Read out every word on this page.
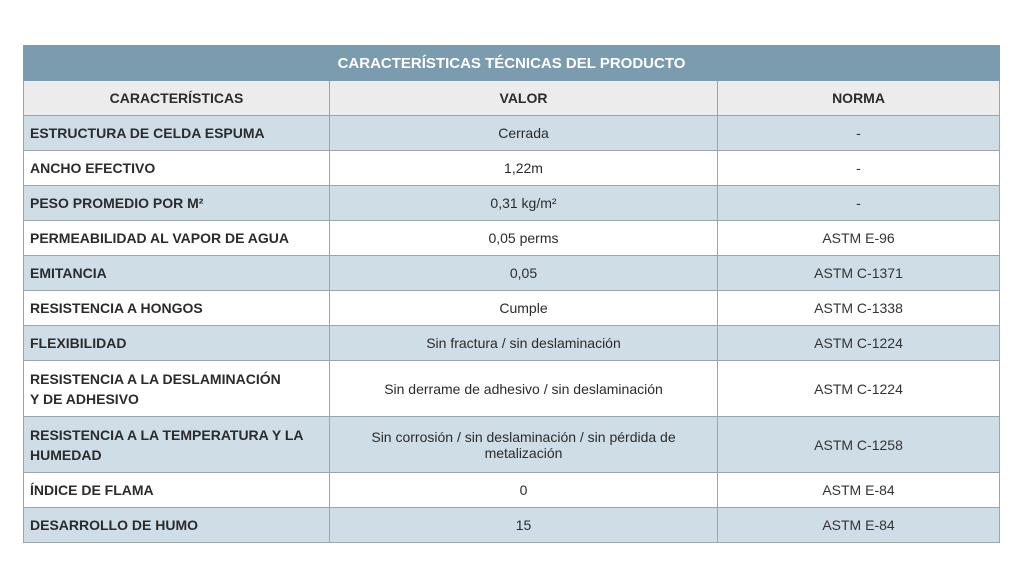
CARACTERÍSTICAS TÉCNICAS DEL PRODUCTO		
CARACTERÍSTICAS	VALOR	NORMA
ESTRUCTURA DE CELDA ESPUMA	Cerrada	-
ANCHO EFECTIVO	1,22m	-
PESO PROMEDIO POR M²	0,31 kg/m²	-
PERMEABILIDAD AL VAPOR DE AGUA	0,05 perms	ASTM E-96
EMITANCIA	0,05	ASTM C-1371
RESISTENCIA A HONGOS	Cumple	ASTM C-1338
FLEXIBILIDAD	Sin fractura / sin deslaminación	ASTM C-1224
RESISTENCIA A LA DESLAMINACIÓN
Y DE ADHESIVO	Sin derrame de adhesivo / sin deslaminación	ASTM C-1224
RESISTENCIA A LA TEMPERATURA Y LA
HUMEDAD	Sin corrosión / sin deslaminación / sin pérdida de metalización	ASTM C-1258
ÍNDICE DE FLAMA	0	ASTM E-84
DESARROLLO DE HUMO	15	ASTM E-84
